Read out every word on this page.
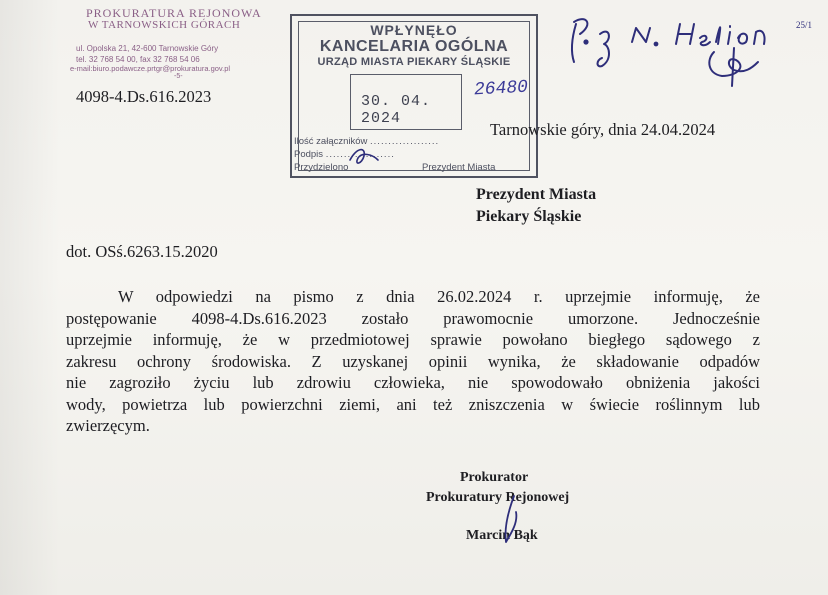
PROKURATURA REJONOWA
W TARNOWSKICH GÓRACH
ul. Opolska 21, 42-600 Tarnowskie Góry
tel. 32 768 54 00, fax 32 768 54 06
e-mail:biuro.podawcze.prtgr@prokuratura.gov.pl
-5-
4098-4.Ds.616.2023
WPŁYNĘŁO
KANCELARIA OGÓLNA
URZĄD MIASTA PIEKARY ŚLĄSKIE
30. 04. 2024
Ilość załączników ...................
Podpis ...................
Przydzielono	Prezydent Miasta
26480
25/1
Tarnowskie góry, dnia 24.04.2024
Prezydent Miasta
Piekary Śląskie
dot. OSś.6263.15.2020
W odpowiedzi na pismo z dnia 26.02.2024 r. uprzejmie informuję, że
postępowanie 4098-4.Ds.616.2023 zostało prawomocnie umorzone. Jednocześnie
uprzejmie informuję, że w przedmiotowej sprawie powołano biegłego sądowego z
zakresu ochrony środowiska. Z uzyskanej opinii wynika, że składowanie odpadów
nie zagroziło życiu lub zdrowiu człowieka, nie spowodowało obniżenia jakości
wody, powietrza lub powierzchni ziemi, ani też zniszczenia w świecie roślinnym lub
zwierzęcym.
Prokurator
Prokuratury Rejonowej
Marcin Bąk
